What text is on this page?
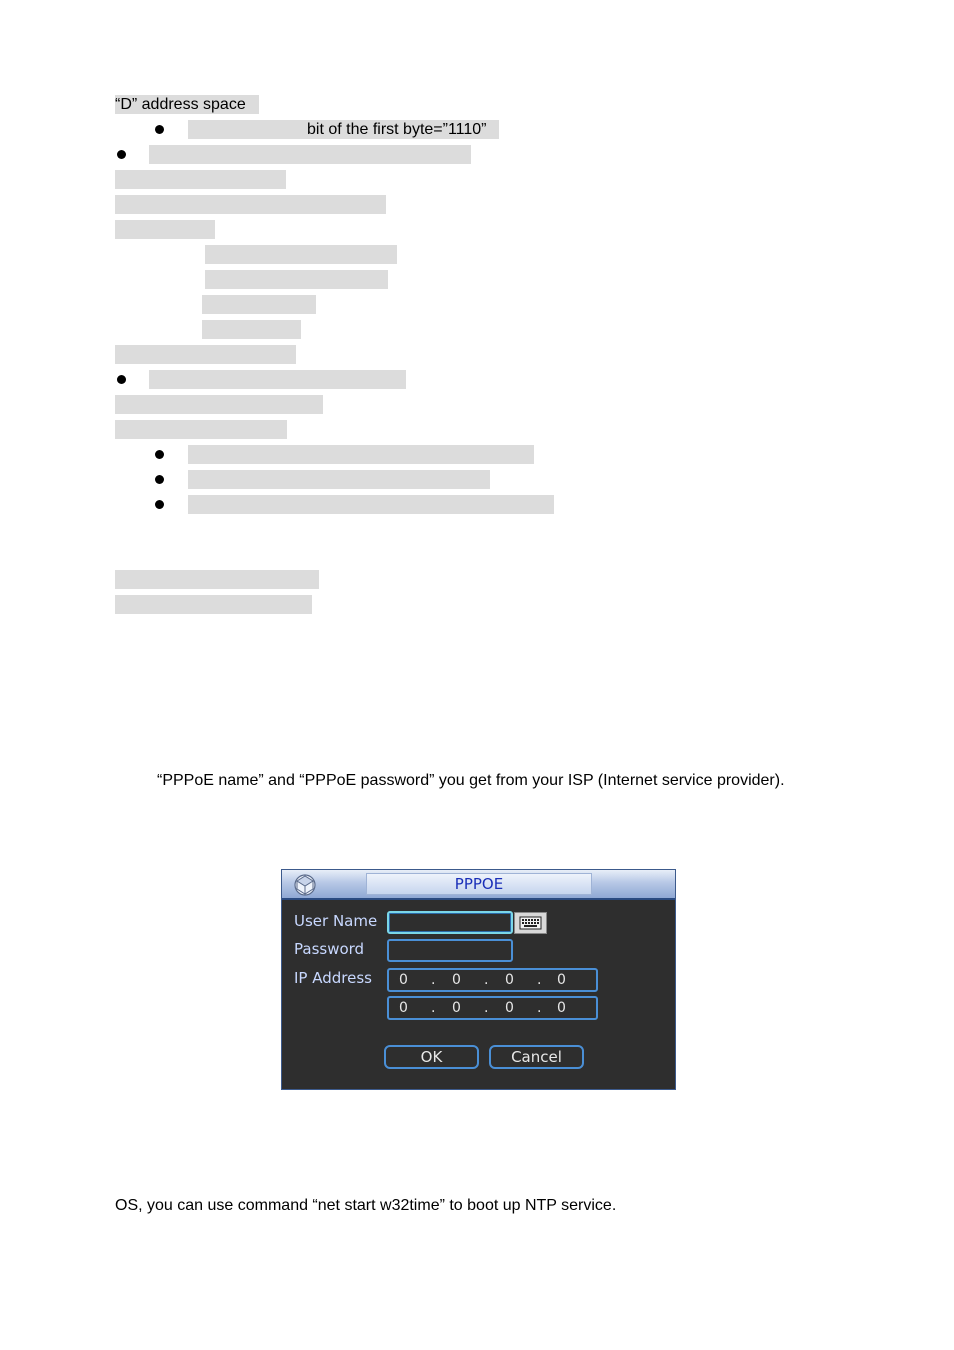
“D” address space
bit of the first byte=”1110”
“PPPoE name” and “PPPoE password” you get from your ISP (Internet service provider).
PPPOE
User Name
Password
IP Address 0 . 0 . 0 . 0
0 . 0 . 0 . 0
OK	Cancel
OS, you can use command “net start w32time” to boot up NTP service.
